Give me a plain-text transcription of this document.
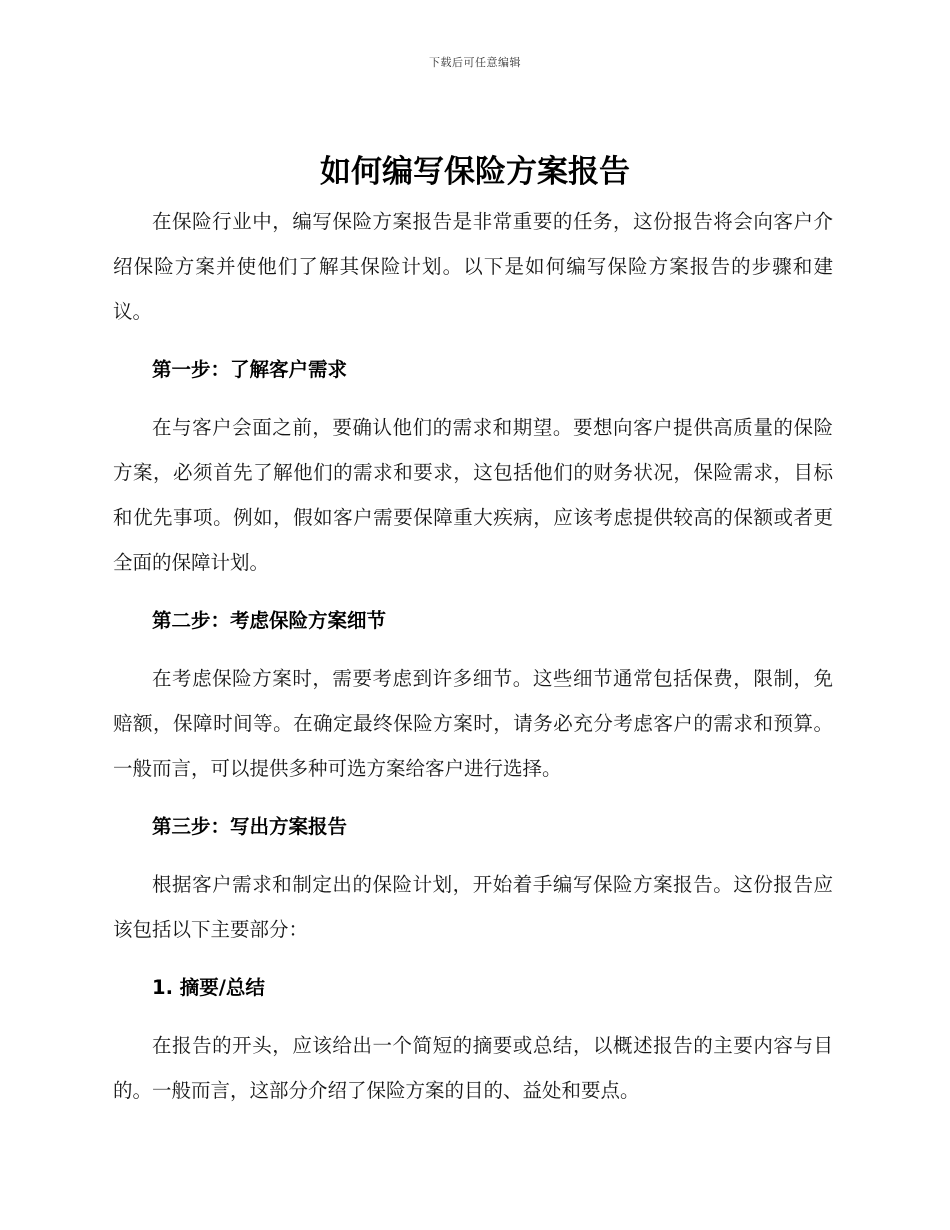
下载后可任意编辑
如何编写保险方案报告

在保险行业中，编写保险方案报告是非常重要的任务，这份报告将会向客户介绍保险方案并使他们了解其保险计划。以下是如何编写保险方案报告的步骤和建议。

第一步：了解客户需求

在与客户会面之前，要确认他们的需求和期望。要想向客户提供高质量的保险方案，必须首先了解他们的需求和要求，这包括他们的财务状况，保险需求，目标和优先事项。例如，假如客户需要保障重大疾病，应该考虑提供较高的保额或者更全面的保障计划。

第二步：考虑保险方案细节

在考虑保险方案时，需要考虑到许多细节。这些细节通常包括保费，限制，免赔额，保障时间等。在确定最终保险方案时，请务必充分考虑客户的需求和预算。一般而言，可以提供多种可选方案给客户进行选择。

第三步：写出方案报告

根据客户需求和制定出的保险计划，开始着手编写保险方案报告。这份报告应该包括以下主要部分：

1. 摘要/总结

在报告的开头，应该给出一个简短的摘要或总结，以概述报告的主要内容与目的。一般而言，这部分介绍了保险方案的目的、益处和要点。
